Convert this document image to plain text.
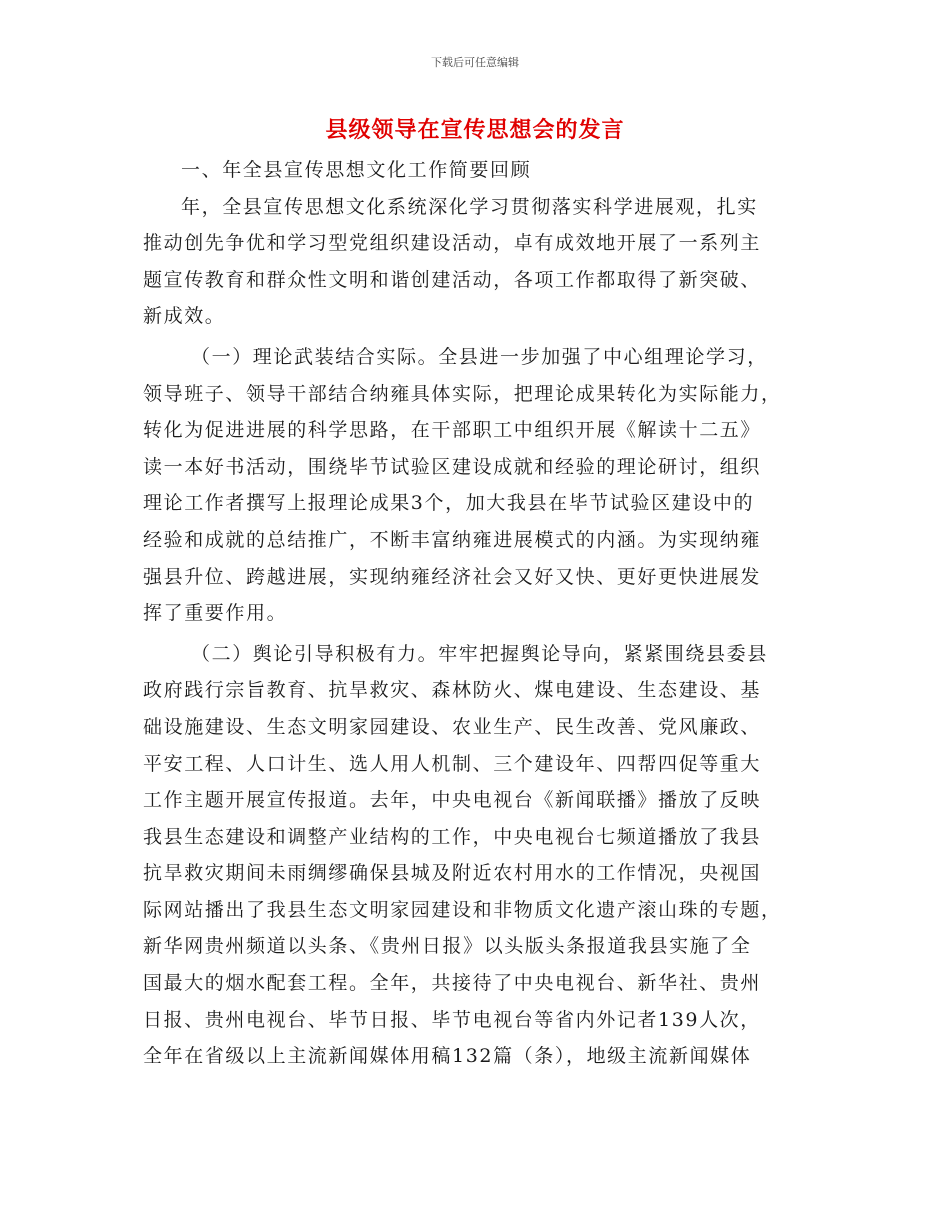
下载后可任意编辑
县级领导在宣传思想会的发言
一、年全县宣传思想文化工作简要回顾
年，全县宣传思想文化系统深化学习贯彻落实科学进展观，扎实
推动创先争优和学习型党组织建设活动，卓有成效地开展了一系列主
题宣传教育和群众性文明和谐创建活动，各项工作都取得了新突破、
新成效。
（一）理论武装结合实际。全县进一步加强了中心组理论学习，
领导班子、领导干部结合纳雍具体实际，把理论成果转化为实际能力，
转化为促进进展的科学思路，在干部职工中组织开展《解读十二五》
读一本好书活动，围绕毕节试验区建设成就和经验的理论研讨，组织
理论工作者撰写上报理论成果3个，加大我县在毕节试验区建设中的
经验和成就的总结推广，不断丰富纳雍进展模式的内涵。为实现纳雍
强县升位、跨越进展，实现纳雍经济社会又好又快、更好更快进展发
挥了重要作用。
（二）舆论引导积极有力。牢牢把握舆论导向，紧紧围绕县委县
政府践行宗旨教育、抗旱救灾、森林防火、煤电建设、生态建设、基
础设施建设、生态文明家园建设、农业生产、民生改善、党风廉政、
平安工程、人口计生、选人用人机制、三个建设年、四帮四促等重大
工作主题开展宣传报道。去年，中央电视台《新闻联播》播放了反映
我县生态建设和调整产业结构的工作，中央电视台七频道播放了我县
抗旱救灾期间未雨绸缪确保县城及附近农村用水的工作情况，央视国
际网站播出了我县生态文明家园建设和非物质文化遗产滚山珠的专题，
新华网贵州频道以头条、《贵州日报》以头版头条报道我县实施了全
国最大的烟水配套工程。全年，共接待了中央电视台、新华社、贵州
日报、贵州电视台、毕节日报、毕节电视台等省内外记者139人次，
全年在省级以上主流新闻媒体用稿132篇（条），地级主流新闻媒体
